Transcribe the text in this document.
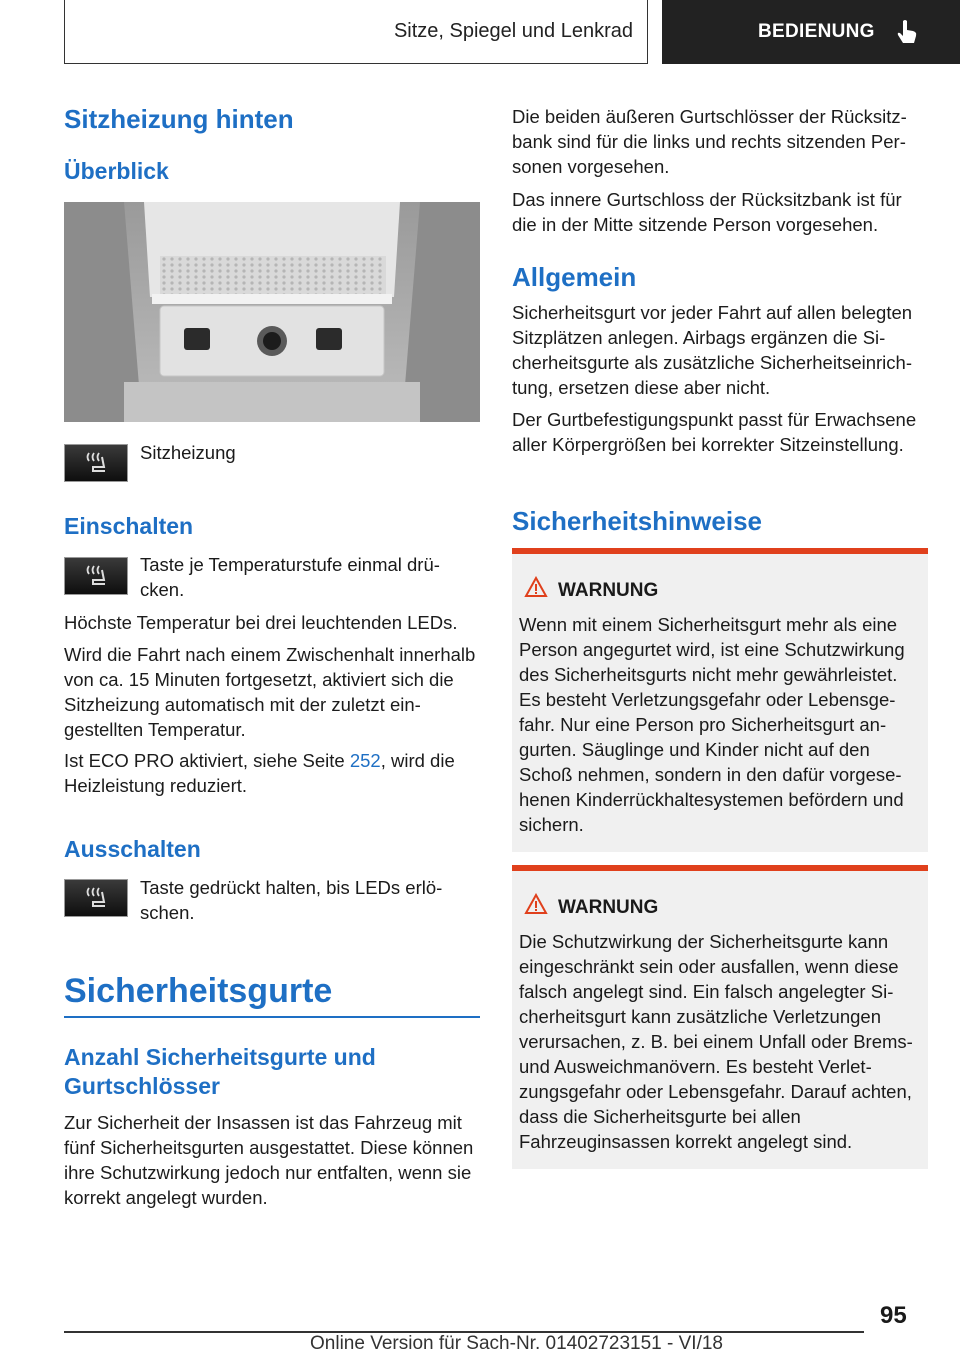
Sitze, Spiegel und Lenkrad	BEDIENUNG
Sitzheizung hinten
Überblick
Sitzheizung
Einschalten
Taste je Temperaturstufe einmal drü-
cken.
Höchste Temperatur bei drei leuchtenden LEDs.
Wird die Fahrt nach einem Zwischenhalt innerhalb von ca. 15 Minuten fortgesetzt, aktiviert sich die Sitzheizung automatisch mit der zuletzt eingestellten Temperatur.
Ist ECO PRO aktiviert, siehe Seite 252, wird die Heizleistung reduziert.
Ausschalten
Taste gedrückt halten, bis LEDs erlö-
schen.
Sicherheitsgurte
Anzahl Sicherheitsgurte und
Gurtschlösser
Zur Sicherheit der Insassen ist das Fahrzeug mit fünf Sicherheitsgurten ausgestattet. Diese können ihre Schutzwirkung jedoch nur entfalten, wenn sie korrekt angelegt wurden.
Die beiden äußeren Gurtschlösser der Rücksitzbank sind für die links und rechts sitzenden Personen vorgesehen.
Das innere Gurtschloss der Rücksitzbank ist für die in der Mitte sitzende Person vorgesehen.
Allgemein
Sicherheitsgurt vor jeder Fahrt auf allen belegten Sitzplätzen anlegen. Airbags ergänzen die Sicherheitsgurte als zusätzliche Sicherheitseinrichtung, ersetzen diese aber nicht.
Der Gurtbefestigungspunkt passt für Erwachsene aller Körpergrößen bei korrekter Sitzeinstellung.
Sicherheitshinweise
WARNUNG
Wenn mit einem Sicherheitsgurt mehr als eine Person angegurtet wird, ist eine Schutzwirkung des Sicherheitsgurts nicht mehr gewährleistet. Es besteht Verletzungsgefahr oder Lebensgefahr. Nur eine Person pro Sicherheitsgurt angurten. Säuglinge und Kinder nicht auf den Schoß nehmen, sondern in den dafür vorgesehenen Kinderrückhaltesystemen befördern und sichern.
WARNUNG
Die Schutzwirkung der Sicherheitsgurte kann eingeschränkt sein oder ausfallen, wenn diese falsch angelegt sind. Ein falsch angelegter Sicherheitsgurt kann zusätzliche Verletzungen verursachen, z. B. bei einem Unfall oder Brems- und Ausweichmanövern. Es besteht Verletzungsgefahr oder Lebensgefahr. Darauf achten, dass die Sicherheitsgurte bei allen Fahrzeuginsassen korrekt angelegt sind.
95
Online Version für Sach-Nr. 01402723151 - VI/18
